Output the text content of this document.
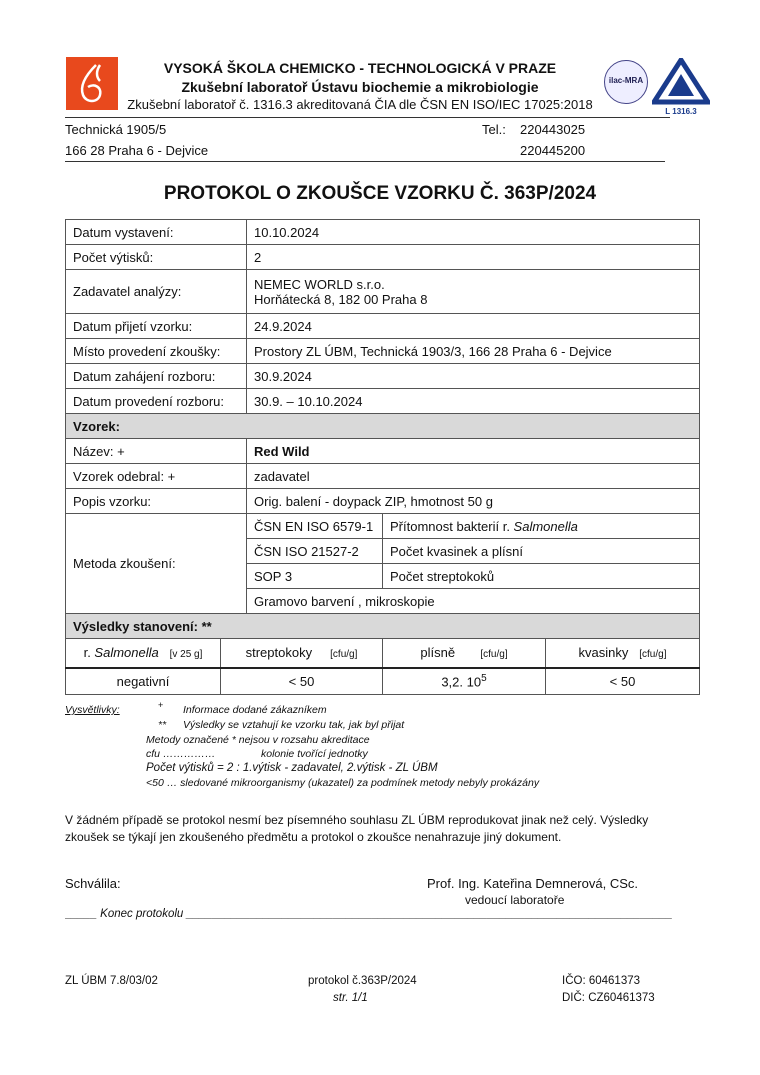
VYSOKÁ ŠKOLA CHEMICKO - TECHNOLOGICKÁ V PRAZE
Zkušební laboratoř Ústavu biochemie a mikrobiologie
Zkušební laboratoř č. 1316.3 akreditovaná ČIA dle ČSN EN ISO/IEC 17025:2018
ilac-MRA
L 1316.3
Technická 1905/5
166 28 Praha 6 - Dejvice
Tel.: 220443025
220445200
PROTOKOL O ZKOUŠCE VZORKU Č. 363P/2024
Datum vystavení:		10.10.2024		
Počet výtisků:		2		
Zadavatel analýzy:		NEMEC WORLD s.r.o.
Horňátecká 8, 182 00 Praha 8		

Datum přijetí vzorku:		24.9.2024		
Místo provedení zkoušky:		Prostory ZL ÚBM, Technická 1903/3, 166 28 Praha 6 - Dejvice		
Datum zahájení rozboru:		30.9.2024		
Datum provedení rozboru:		30.9. – 10.10.2024		
Vzorek:				
Název: +		Red Wild		
Vzorek odebral: +		zadavatel		
Popis vzorku:		Orig. balení - doypack ZIP, hmotnost 50 g		
Metoda zkoušení:		ČSN EN ISO 6579-1	Přítomnost bakterií r. Salmonella	
		ČSN ISO 21527-2	Počet kvasinek a plísní	
		SOP 3	Počet streptokoků	
		Gramovo barvení , mikroskopie		
Výsledky stanovení: **				
r. Salmonella [v 25 g]	streptokoky [cfu/g]		plísně [cfu/g]	kvasinky [cfu/g]
negativní	< 50		3,2. $10^5$	< 50
Vysvětlivky:	+ Informace dodané zákazníkem
** Výsledky se vztahují ke vzorku tak, jak byl přijat
Metody označené * nejsou v rozsahu akreditace
cfu ……………	kolonie tvořící jednotky
Počet výtisků = 2 : 1.výtisk - zadavatel, 2.výtisk - ZL ÚBM
<50 … sledované mikroorganismy (ukazatel) za podmínek metody nebyly prokázány
V žádném případě se protokol nesmí bez písemného souhlasu ZL ÚBM reprodukovat jinak než celý. Výsledky zkoušek se týkají jen zkoušeného předmětu a protokol o zkoušce nenahrazuje jiný dokument.
Schválila:	Prof. Ing. Kateřina Demnerová, CSc.
vedoucí laboratoře
_____ Konec protokolu ____________________________________________________________________________
ZL ÚBM 7.8/03/02	protokol č.363P/2024
str. 1/1
IČO: 60461373
DIČ: CZ60461373
